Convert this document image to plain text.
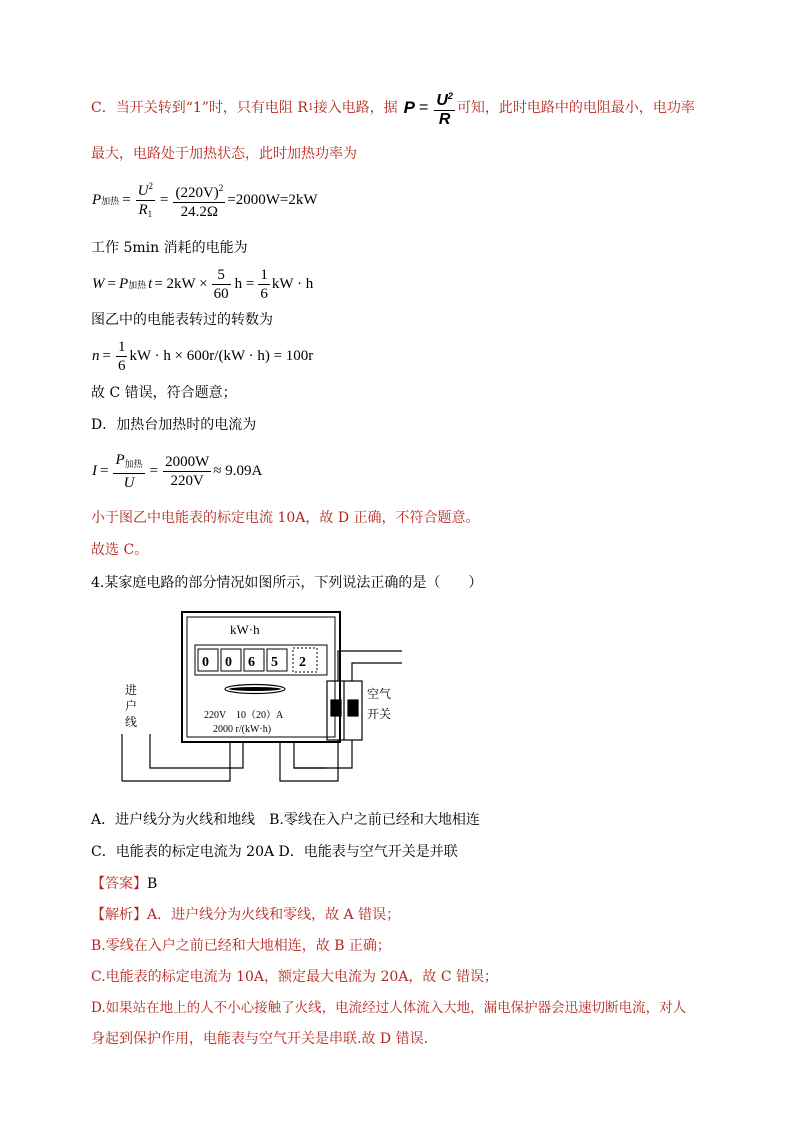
C．当开关转到“1”时，只有电阻 R 1 接入电路，据 $P = \frac{U^2}{R}$ 可知，此时电路中的电阻最小，电功率
最大，电路处于加热状态，此时加热功率为
P 加热 = $\frac{U^2}{R_1} = \frac{(220V)^2}{24.2\Omega} =2000W=2kW$
工作 5min 消耗的电能为
W = P 加热 $t = 2kW \times \frac{5}{60}$ $h = \frac{1}{6}$ kW · h
图乙中的电能表转过的转数为
$n = \frac{1}{6}$ kW · h × 600r/(kW · h) = 100r
故 C 错误，符合题意；
D．加热台加热时的电流为
$I = \frac{P_{加热}}{U} = \frac{2000W}{220V} \approx 9.09A$
小于图乙中电能表的标定电流 10A，故 D 正确，不符合题意。
故选 C。
4.某家庭电路的部分情况如图所示，下列说法正确的是（　　）
kW·h
0 0 6 5 2
220V　10（20）A
2000 r/(kW·h)
进
户
线
空气
开关
A．进户线分为火线和地线　B.零线在入户之前已经和大地相连
C．电能表的标定电流为 20A D．电能表与空气开关是并联
【答案】B
【解析】A．进户线分为火线和零线，故 A 错误；
B.零线在入户之前已经和大地相连，故 B 正确；
C.电能表的标定电流为 10A，额定最大电流为 20A，故 C 错误；
D.如果站在地上的人不小心接触了火线，电流经过人体流入大地，漏电保护器会迅速切断电流，对人
身起到保护作用，电能表与空气开关是串联.故 D 错误.
